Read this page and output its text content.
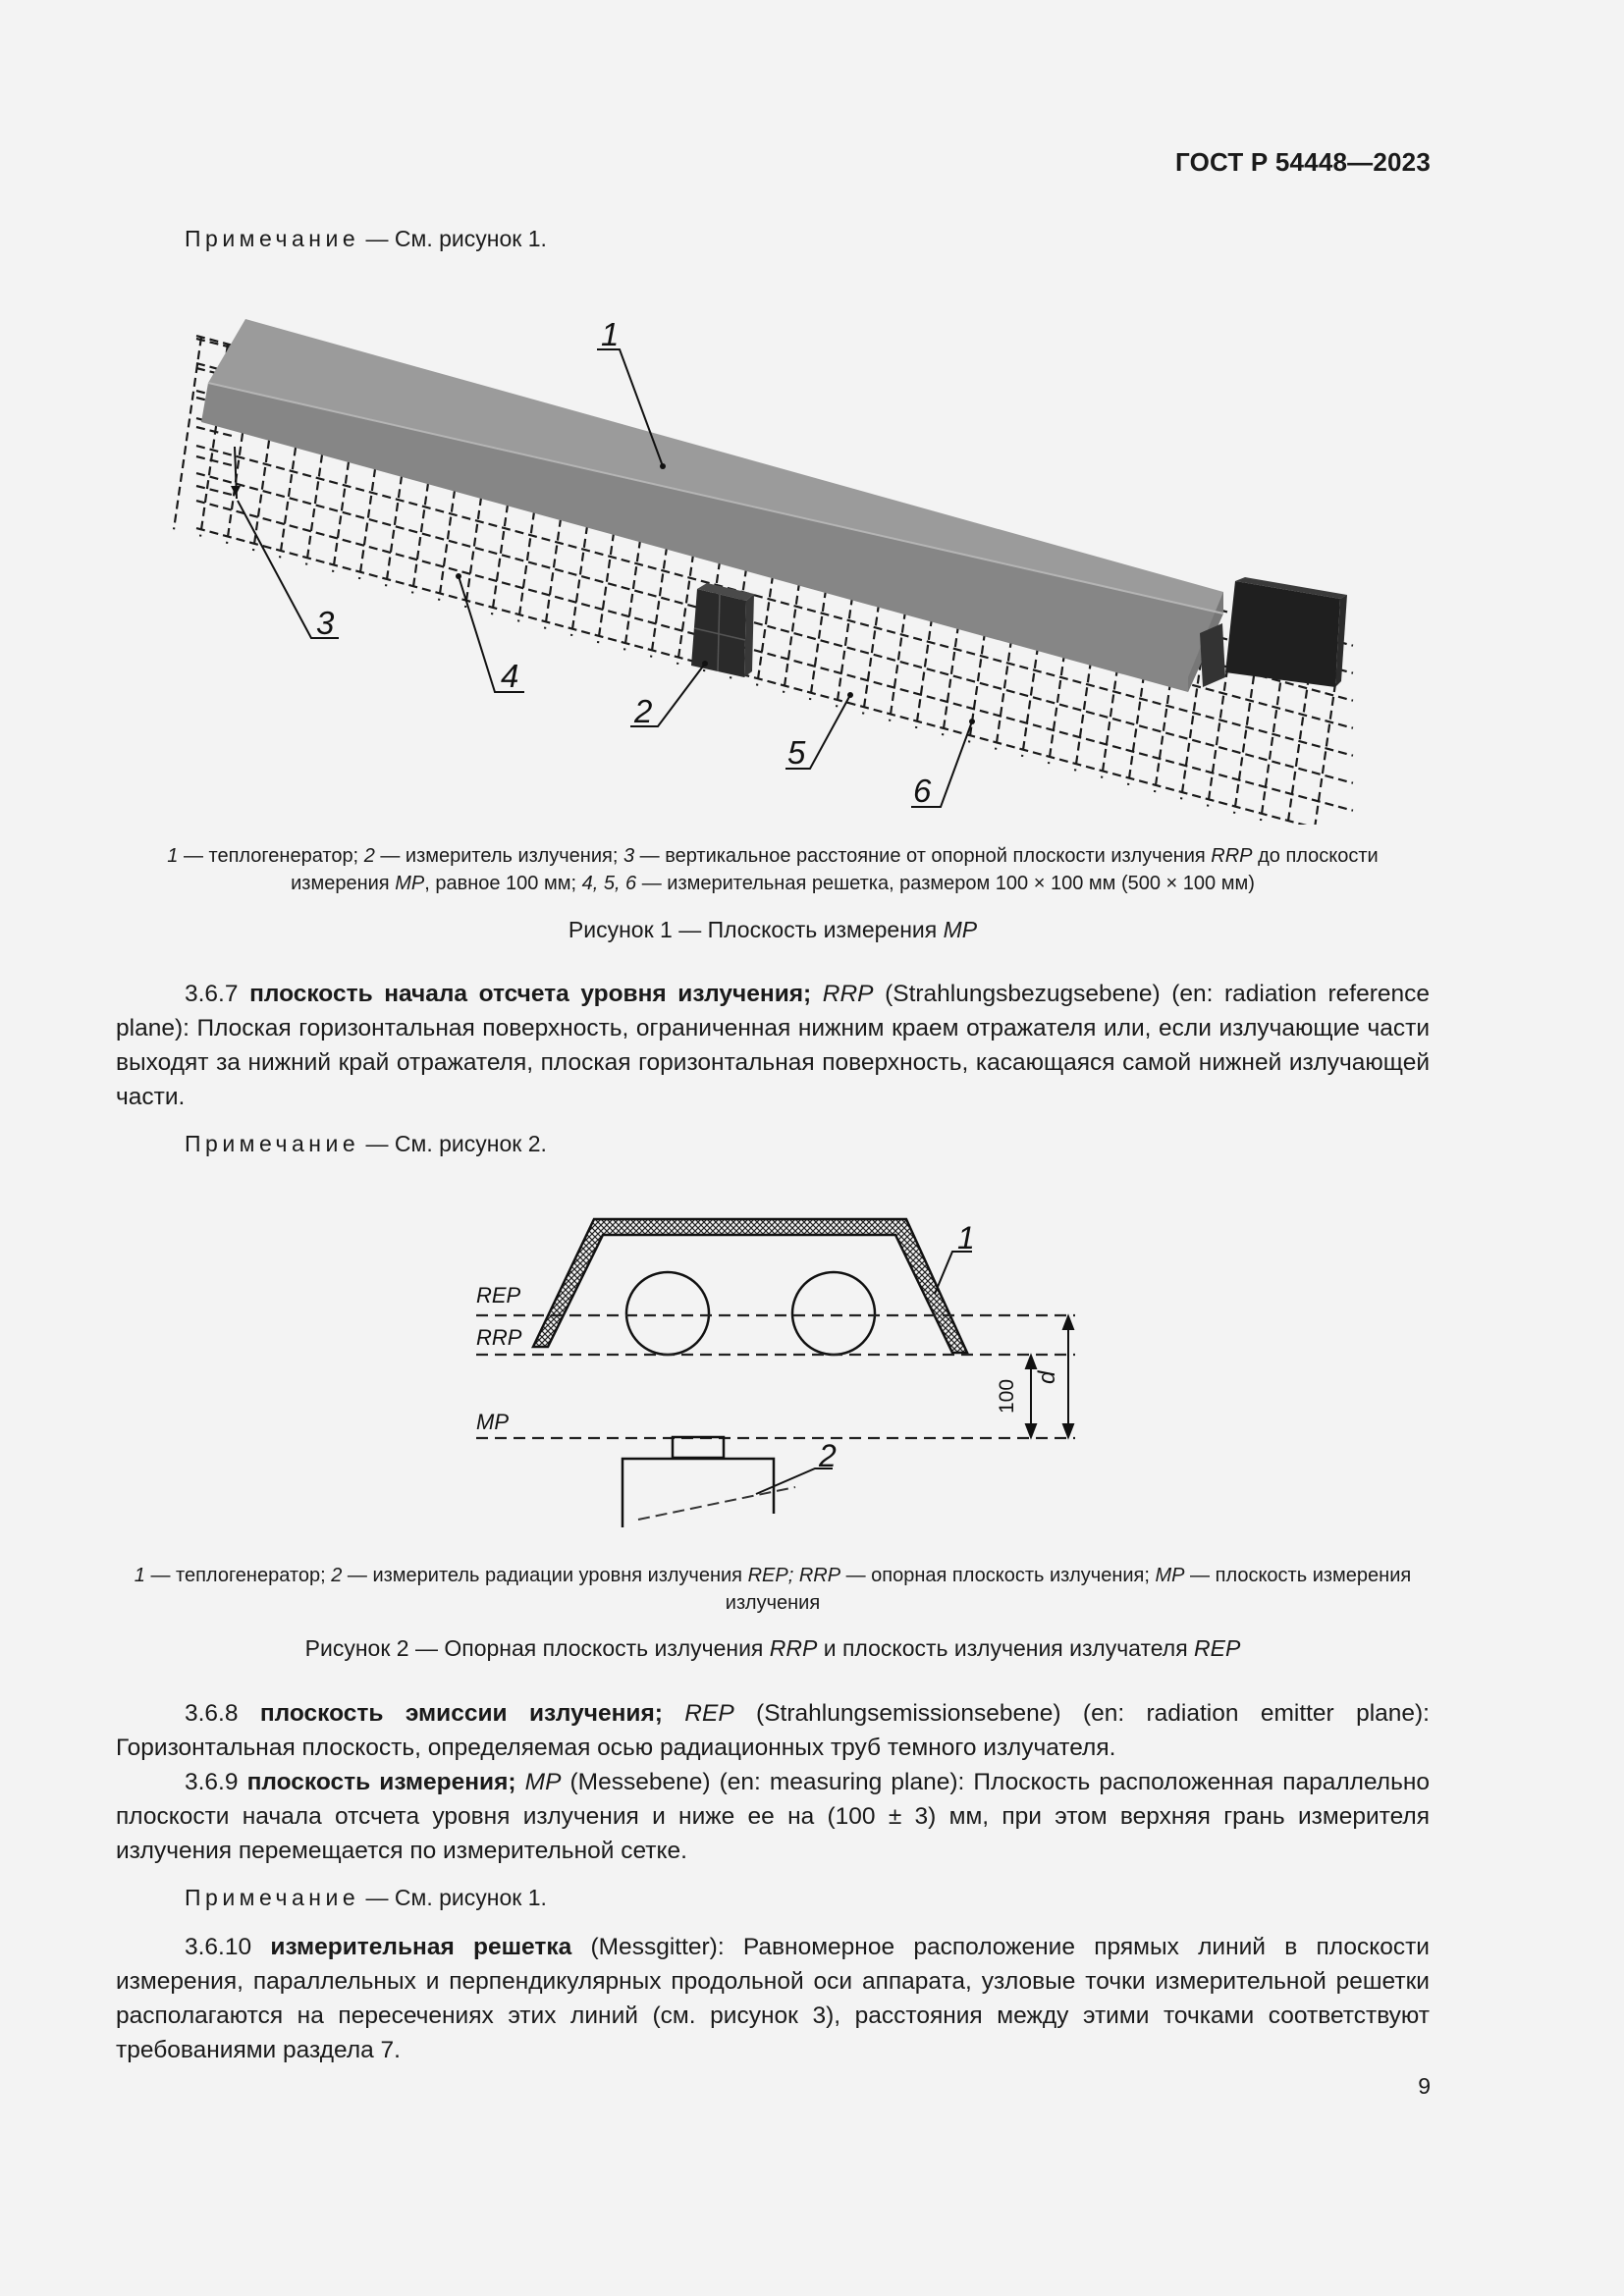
ГОСТ Р 54448—2023
Примечание — См. рисунок 1.
1
3
4
2
5
6
1 — теплогенератор; 2 — измеритель излучения; 3 — вертикальное расстояние от опорной плоскости излучения RRP до плоскости измерения MP, равное 100 мм; 4, 5, 6 — измерительная решетка, размером 100 × 100 мм (500 × 100 мм)
Рисунок 1 — Плоскость измерения MP
3.6.7 плоскость начала отсчета уровня излучения; RRP (Strahlungsbezugsebene) (en: radiation reference plane): Плоская горизонтальная поверхность, ограниченная нижним краем отражателя или, если излучающие части выходят за нижний край отражателя, плоская горизонтальная поверхность, касающаяся самой нижней излучающей части.
Примечание — См. рисунок 2.
REP
RRP
MP
100
d
1
2
1 — теплогенератор; 2 — измеритель радиации уровня излучения REP; RRP — опорная плоскость излучения; MP — плоскость измерения излучения
Рисунок 2 — Опорная плоскость излучения RRP и плоскость излучения излучателя REP
3.6.8 плоскость эмиссии излучения; REP (Strahlungsemissionsebene) (en: radiation emitter plane): Горизонтальная плоскость, определяемая осью радиационных труб темного излучателя.
3.6.9 плоскость измерения; MP (Messebene) (en: measuring plane): Плоскость расположенная параллельно плоскости начала отсчета уровня излучения и ниже ее на (100 ± 3) мм, при этом верхняя грань измерителя излучения перемещается по измерительной сетке.
Примечание — См. рисунок 1.
3.6.10 измерительная решетка (Messgitter): Равномерное расположение прямых линий в плоскости измерения, параллельных и перпендикулярных продольной оси аппарата, узловые точки измерительной решетки располагаются на пересечениях этих линий (см. рисунок 3), расстояния между этими точками соответствуют требованиями раздела 7.
9
